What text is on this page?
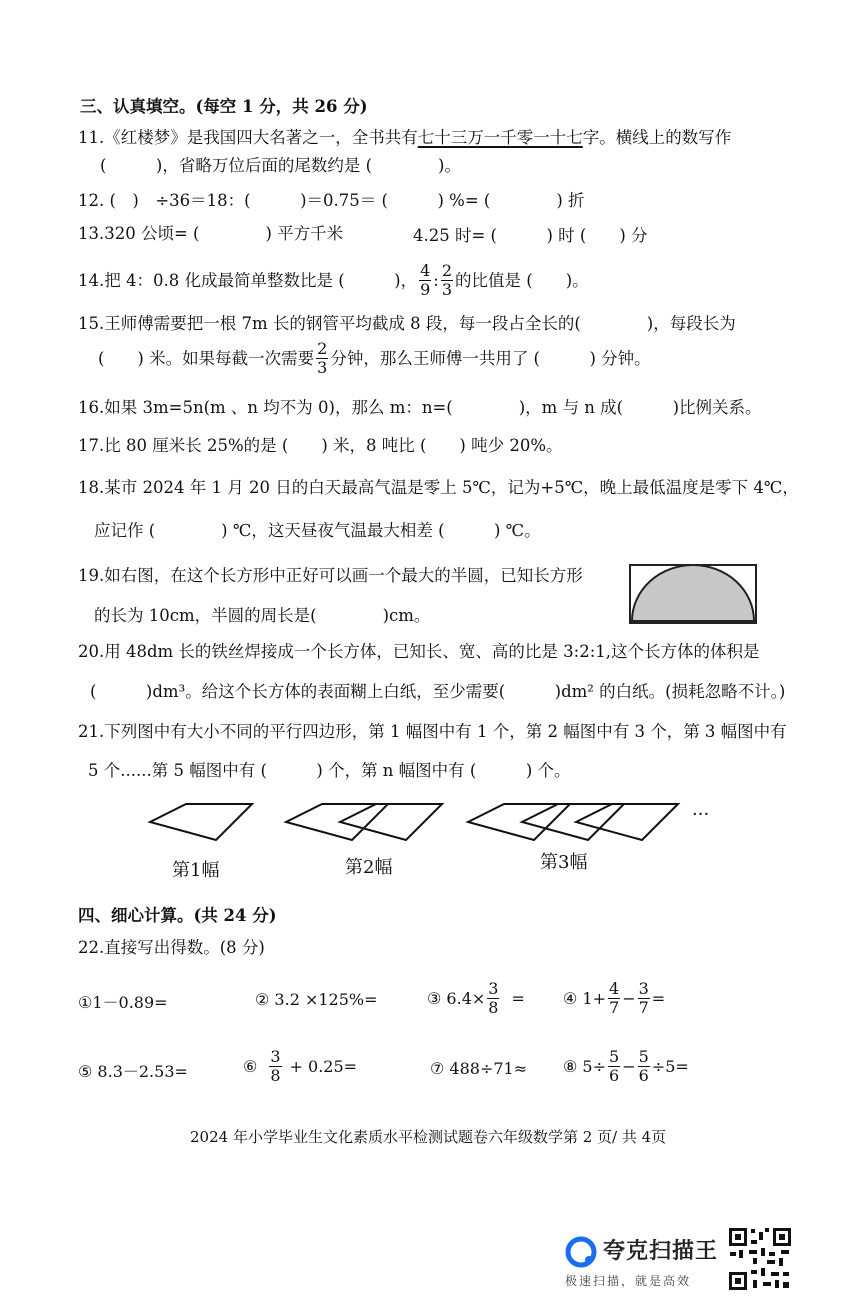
三、认真填空。(每空 1 分，共 26 分)
11.《红楼梦》是我国四大名著之一，全书共有七十三万一千零一十七字。横线上的数写作
(　　　)，省略万位后面的尾数约是 (　　　　)。
12. (　)　÷36＝18：(　　　)＝0.75＝ (　　　) %= (　　　　) 折
13.320 公顷= (　　　　) 平方千米	4.25 时= (　　　) 时 (　　) 分
14.把 4：0.8 化成最简单整数比是 (　　　)， $\frac{4}{9}$ : $\frac{2}{3}$ 的比值是 (　　)。
15.王师傅需要把一根 7m 长的钢管平均截成 8 段，每一段占全长的(　　　　)，每段长为
(　　) 米。如果每截一次需要 $\frac{2}{3}$ 分钟，那么王师傅一共用了 (　　　) 分钟。
16.如果 3m=5n(m 、n 均不为 0)，那么 m：n=(　　　　)，m 与 n 成(　　　)比例关系。
17.比 80 厘米长 25%的是 (　　) 米，8 吨比 (　　) 吨少 20%。
18.某市 2024 年 1 月 20 日的白天最高气温是零上 5℃，记为+5℃，晚上最低温度是零下 4℃，
应记作 (　　　　) ℃，这天昼夜气温最大相差 (　　　) ℃。
19.如右图，在这个长方形中正好可以画一个最大的半圆，已知长方形
的长为 10cm，半圆的周长是(　　　　)cm。
20.用 48dm 长的铁丝焊接成一个长方体，已知长、宽、高的比是 3:2:1,这个长方体的体积是
(　　　)dm³。给这个长方体的表面糊上白纸，至少需要(　　　)dm² 的白纸。(损耗忽略不计。)
21.下列图中有大小不同的平行四边形，第 1 幅图中有 1 个，第 2 幅图中有 3 个，第 3 幅图中有
5 个......第 5 幅图中有 (　　　) 个，第 n 幅图中有 (　　　) 个。
···
第1幅	第2幅	第3幅
四、细心计算。(共 24 分)
22.直接写出得数。(8 分)
①1－0.89=	② 3.2 ×125%=	③ $6.4\times \frac{3}{8}$ = ④ $1+ \frac{4}{7} - \frac{3}{7}$ =
⑤ 8.3－2.53=	⑥ $\frac{3}{8} + 0.25=$	⑦ 488÷71≈ ⑧ $5\div \frac{5}{6} - \frac{5}{6} \div 5=$
2024 年小学毕业生文化素质水平检测试题卷六年级数学第 2 页/ 共 4页
夸克扫描王
极速扫描，就是高效
